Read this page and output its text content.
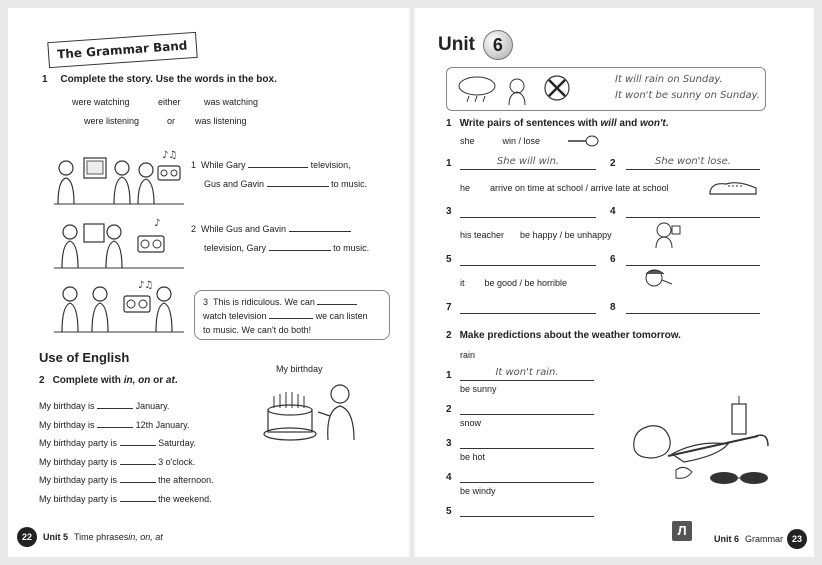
The Grammar Band
1 Complete the story. Use the words in the box.
were watching	either	was watching
were listening	or was listening
♪♫
1 While Gary	television,
Gus and Gavin	to music.
♪	2 While Gus and Gavin
television, Gary	to music.
♪♫
3 This is ridiculous. We can
watch television	we can listen
to music. We can't do both!
Use of English
2 Complete with in, on or at.
My birthday is	January.
My birthday is	12th January.
My birthday party is	Saturday.
My birthday party is	3 o'clock.
My birthday party is	the afternoon.
My birthday party is	the weekend.
My birthday
22	Unit 5 Time phrases in, on, at
Unit 6
It will rain on Sunday.
It won't be sunny on Sunday.
1 Write pairs of sentences with will and won't.
she	win / lose
1	She will win.	2	She won't lose.
he arrive on time at school / arrive late at school
3	4
his teacher be happy / be unhappy
5	6
it be good / be horrible
7	8
2 Make predictions about the weather tomorrow.
rain
1	It won't rain.
be sunny
2
snow
3
be hot
4
be windy
5
Unit 6 Grammar 23
Л
